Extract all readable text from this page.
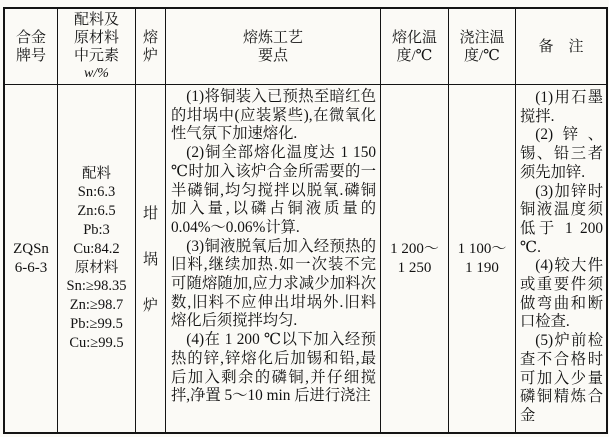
合金
牌号
配料及
原材料
中元素
w/%
熔炉
熔炼工艺
要点
熔化温
度/℃
浇注温
度/℃
备　注
ZQSn
6-6-3
配料
Sn:6.3
Zn:6.5
Pb:3
Cu:84.2
原材料
Sn:≥98.35
Zn:≥98.7
Pb:≥99.5
Cu:≥99.5
坩
埚
炉

(1)将铜装入已预热至暗红色的坩埚中(应装紧些),在微氧化性气氛下加速熔化.

(2)铜全部熔化温度达 1 150 ℃时加入该炉合金所需要的一半磷铜,均匀搅拌以脱氧.磷铜加入量,以磷占铜液质量的 0.04%～0.06%计算.

(3)铜液脱氧后加入经预热的旧料,继续加热.如一次装不完可随熔随加,应力求减少加料次数,旧料不应伸出坩埚外.旧料熔化后须搅拌均匀.

(4)在 1 200 ℃以下加入经预热的锌,锌熔化后加锡和铅,最后加入剩余的磷铜,并仔细搅拌,净置 5～10 min 后进行浇注

1 200～
1 250
1 100～
1 190

(1)用石墨搅拌.

(2)锌、锡、铅三者须先加锌.

(3)加锌时铜液温度须低于 1 200 ℃.

(4)较大件或重要件须做弯曲和断口检查.

(5)炉前检查不合格时可加入少量磷铜精炼合金
